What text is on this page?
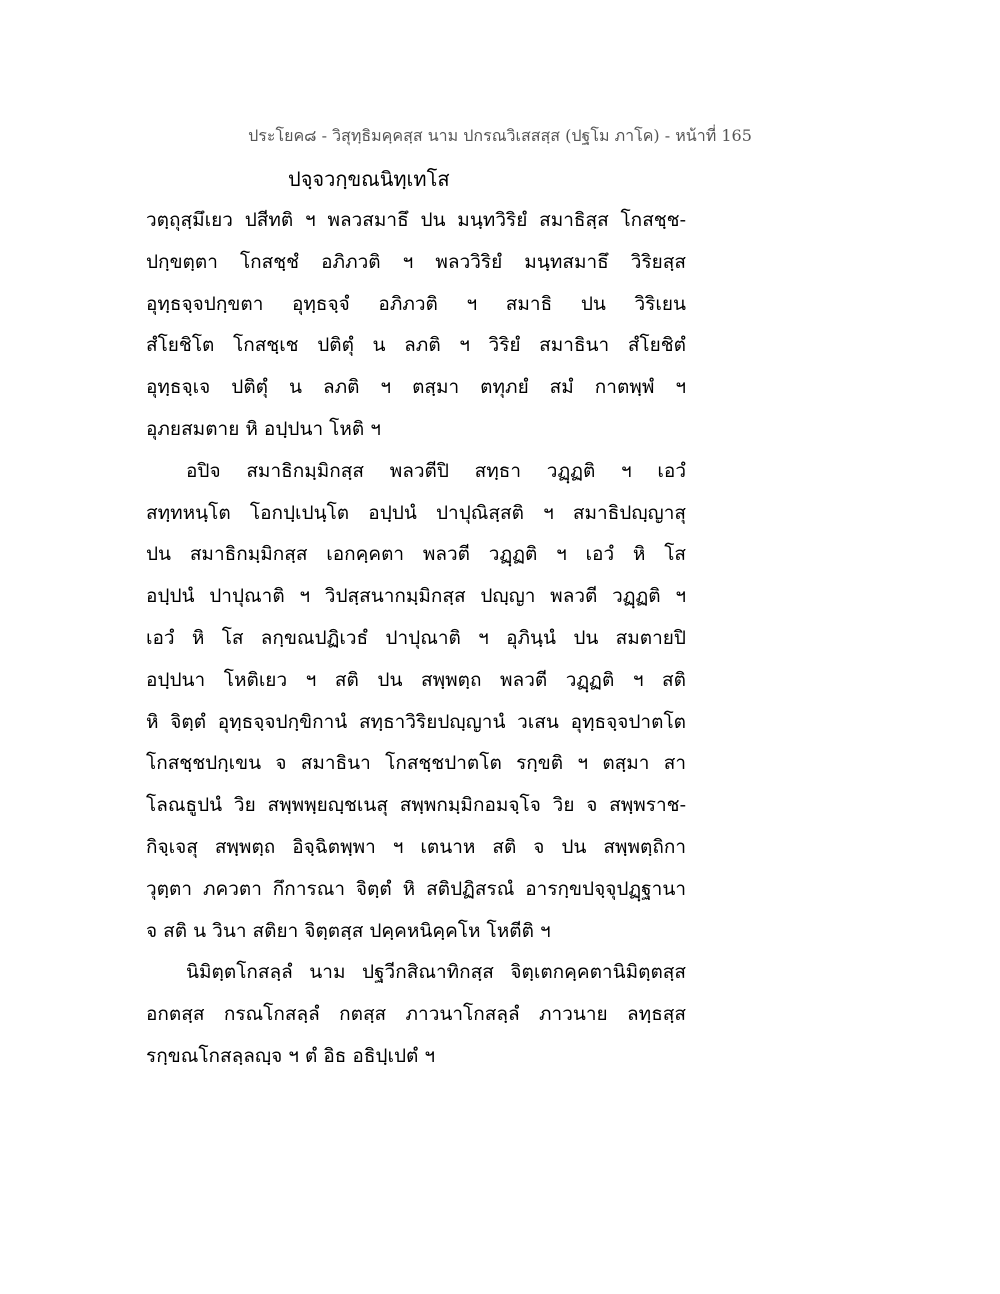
ประโยค๘ - วิสุทฺธิมคฺคสฺส นาม ปกรณวิเสสสฺส (ปฐโม ภาโค) - หน้าที่ 165
ปจฺจวกฺขณนิทฺเทโส
วตฺถุสฺมึเยว ปสีทติ ฯ พลวสมาธึ ปน มนฺทวิริยํ สมาธิสฺส โกสชฺช-
ปกฺขตฺตา โกสชฺชํ อภิภวติ ฯ พลววิริยํ มนฺทสมาธึ วิริยสฺส
อุทฺธจฺจปกฺขตา อุทฺธจฺจํ อภิภวติ ฯ สมาธิ ปน วิริเยน
สํโยชิโต โกสชฺเช ปติตุํ น ลภติ ฯ วิริยํ สมาธินา สํโยชิตํ
อุทฺธจฺเจ ปติตุํ น ลภติ ฯ ตสฺมา ตทุภยํ สมํ กาตพฺพํ ฯ
อุภยสมตาย หิ อปฺปนา โหติ ฯ
อปิจ สมาธิกมฺมิกสฺส พลวตีปิ สทฺธา วฏฺฏติ ฯ เอวํ
สทฺทหนฺโต โอกปฺเปนฺโต อปฺปนํ ปาปุณิสฺสติ ฯ สมาธิปญฺญาสุ
ปน สมาธิกมฺมิกสฺส เอกคฺคตา พลวตี วฏฺฏติ ฯ เอวํ หิ โส
อปฺปนํ ปาปุณาติ ฯ วิปสฺสนากมฺมิกสฺส ปญฺญา พลวตี วฏฺฏติ ฯ
เอวํ หิ โส ลกฺขณปฏิเวธํ ปาปุณาติ ฯ อุภินฺนํ ปน สมตายปิ
อปฺปนา โหติเยว ฯ สติ ปน สพฺพตฺถ พลวตี วฏฺฏติ ฯ สติ
หิ จิตฺตํ อุทฺธจฺจปกฺขิกานํ สทฺธาวิริยปญฺญานํ วเสน อุทฺธจฺจปาตโต
โกสชฺชปกฺเขน จ สมาธินา โกสชฺชปาตโต รกฺขติ ฯ ตสฺมา สา
โลณธูปนํ วิย สพฺพพฺยญฺชเนสุ สพฺพกมฺมิกอมจฺโจ วิย จ สพฺพราช-
กิจฺเจสุ สพฺพตฺถ อิจฺฉิตพฺพา ฯ เตนาห สติ จ ปน สพฺพตฺถิกา
วุตฺตา ภควตา กึการณา จิตฺตํ หิ สติปฏิสรณํ อารกฺขปจฺจุปฏฺฐานา
จ สติ น วินา สติยา จิตฺตสฺส ปคฺคหนิคฺคโห โหตีติ ฯ
นิมิตฺตโกสลฺลํ นาม ปฐวีกสิณาทิกสฺส จิตฺเตกคฺคตานิมิตฺตสฺส
อกตสฺส กรณโกสลฺลํ กตสฺส ภาวนาโกสลฺลํ ภาวนาย ลทฺธสฺส
รกฺขณโกสลฺลญฺจ ฯ ตํ อิธ อธิปฺเปตํ ฯ
